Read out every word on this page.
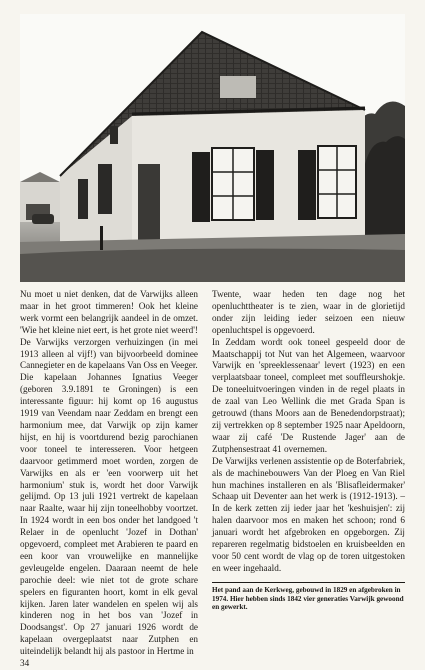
Nu moet u niet denken, dat de Varwijks alleen maar in het groot timmeren! Ook het kleine werk vormt een belangrijk aandeel in de omzet. 'Wie het kleine niet eert, is het grote niet weerd'!

De Varwijks verzorgen verhuizingen (in mei 1913 alleen al vijf!) van bijvoorbeeld dominee Cannegieter en de kapelaans Van Oss en Veeger.

Die kapelaan Johannes Ignatius Veeger (geboren 3.9.1891 te Groningen) is een interessante figuur: hij komt op 16 augustus 1919 van Veendam naar Zeddam en brengt een harmonium mee, dat Varwijk op zijn kamer hijst, en hij is voortdurend bezig parochianen voor toneel te interesseren. Voor hetgeen daarvoor getimmerd moet worden, zorgen de Varwijks en als er 'een voorwerp uit het harmonium' stuk is, wordt het door Varwijk gelijmd. Op 13 juli 1921 vertrekt de kapelaan naar Raalte, waar hij zijn toneelhobby voortzet. In 1924 wordt in een bos onder het landgoed 't Relaer in de openlucht 'Jozef in Dothan' opgevoerd, compleet met Arabieren te paard en een koor van vrouwelijke en mannelijke gevleugelde engelen. Daaraan neemt de hele parochie deel: wie niet tot de grote schare spelers en figuranten hoort, komt in elk geval kijken. Jaren later wandelen en spelen wij als kinderen nog in het bos van 'Jozef in Doodsangst'. Op 27 januari 1926 wordt de kapelaan overgeplaatst naar Zutphen en uiteindelijk belandt hij als pastoor in Hertme in

34

Twente, waar heden ten dage nog het openluchttheater is te zien, waar in de glorietijd onder zijn leiding ieder seizoen een nieuw openluchtspel is opgevoerd.

In Zeddam wordt ook toneel gespeeld door de Maatschappij tot Nut van het Algemeen, waarvoor Varwijk en 'spreeklessenaar' levert (1923) en een verplaatsbaar toneel, compleet met souffleurshokje. De toneeluitvoeringen vinden in de regel plaats in de zaal van Leo Wellink die met Grada Span is getrouwd (thans Moors aan de Benedendorpstraat); zij vertrekken op 8 september 1925 naar Apeldoorn, waar zij café 'De Rustende Jager' aan de Zutphensestraat 41 overnemen.

De Varwijks verlenen assistentie op de Boterfabriek, als de machinebouwers Van der Ploeg en Van Riel hun machines installeren en als 'Blisafleidermaker' Schaap uit Deventer aan het werk is (1912-1913). – In de kerk zetten zij ieder jaar het 'keshuisjen': zij halen daarvoor mos en maken het schoon; rond 6 januari wordt het afgebroken en opgeborgen. Zij repareren regelmatig bidstoelen en kruisbeelden en voor 50 cent wordt de vlag op de toren uitgestoken en weer ingehaald.

Het pand aan de Kerkweg, gebouwd in 1829 en afgebroken in 1974. Hier hebben sinds 1842 vier generaties Varwijk gewoond en gewerkt.
